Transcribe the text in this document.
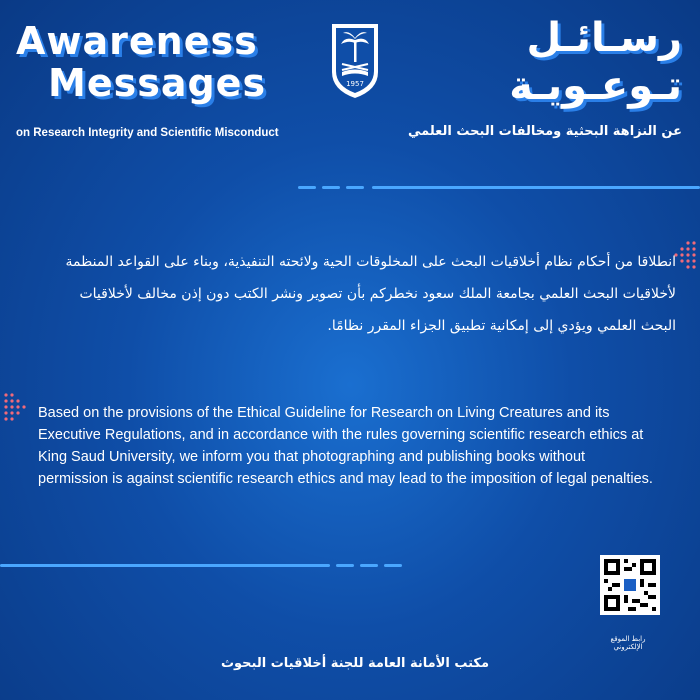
Awareness
Messages
on Research Integrity and Scientific Misconduct
1957
رسـائـل
تـوعـويـة
عن النزاهة البحثية ومخالفات البحث العلمي
انطلاقا من أحكام نظام أخلاقيات البحث على المخلوقات الحية ولائحته التنفيذية، وبناء على القواعد المنظمة لأخلاقيات البحث العلمي بجامعة الملك سعود نخطركم بأن تصوير ونشر الكتب دون إذن مخالف لأخلاقيات البحث العلمي ويؤدي إلى إمكانية تطبيق الجزاء المقرر نظامًا.
Based on the provisions of the Ethical Guideline for Research on Living Creatures and its Executive Regulations, and in accordance with the rules governing scientific research ethics at King Saud University, we inform you that photographing and publishing books without permission is against scientific research ethics and may lead to the imposition of legal penalties.
رابط الموقع الإلكتروني
مكتب الأمانة العامة للجنة أخلاقيات البحوث
